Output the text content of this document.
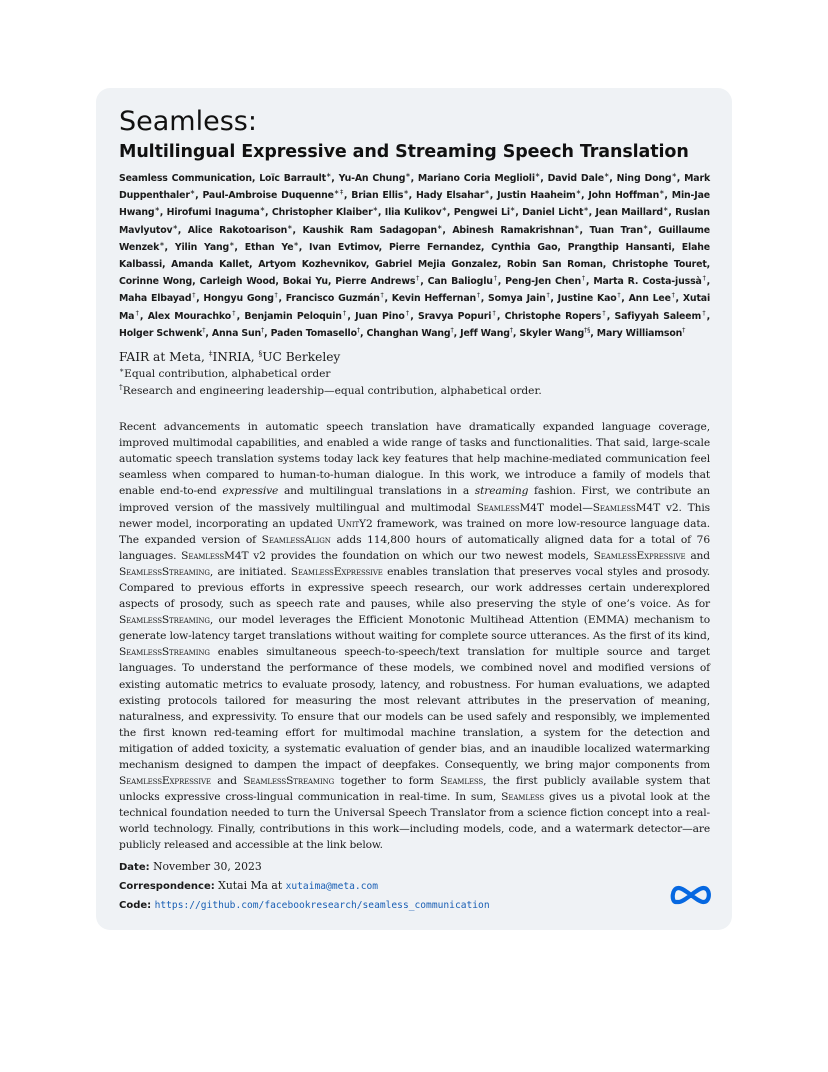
Seamless:
Multilingual Expressive and Streaming Speech Translation

Seamless Communication, Loïc Barrault∗, Yu-An Chung∗, Mariano Coria Meglioli∗, David Dale∗, Ning Dong∗, Mark Duppenthaler∗, Paul-Ambroise Duquenne∗‡, Brian Ellis∗, Hady Elsahar∗, Justin Haaheim∗, John Hoffman∗, Min-Jae Hwang∗, Hirofumi Inaguma∗, Christopher Klaiber∗, Ilia Kulikov∗, Pengwei Li∗, Daniel Licht∗, Jean Maillard∗, Ruslan Mavlyutov∗, Alice Rakotoarison∗, Kaushik Ram Sadagopan∗, Abinesh Ramakrishnan∗, Tuan Tran∗, Guillaume Wenzek∗, Yilin Yang∗, Ethan Ye∗, Ivan Evtimov, Pierre Fernandez, Cynthia Gao, Prangthip Hansanti, Elahe Kalbassi, Amanda Kallet, Artyom Kozhevnikov, Gabriel Mejia Gonzalez, Robin San Roman, Christophe Touret, Corinne Wong, Carleigh Wood, Bokai Yu, Pierre Andrews†, Can Balioglu†, Peng-Jen Chen†, Marta R. Costa-jussà†, Maha Elbayad†, Hongyu Gong†, Francisco Guzmán†, Kevin Heffernan†, Somya Jain†, Justine Kao†, Ann Lee†, Xutai Ma†, Alex Mourachko†, Benjamin Peloquin†, Juan Pino†, Sravya Popuri†, Christophe Ropers†, Safiyyah Saleem†, Holger Schwenk†, Anna Sun†, Paden Tomasello†, Changhan Wang†, Jeff Wang†, Skyler Wang†§, Mary Williamson†

FAIR at Meta, ‡INRIA, §UC Berkeley
∗Equal contribution, alphabetical order
†Research and engineering leadership—equal contribution, alphabetical order.

Recent advancements in automatic speech translation have dramatically expanded language coverage, improved multimodal capabilities, and enabled a wide range of tasks and functionalities. That said, large-scale automatic speech translation systems today lack key features that help machine-mediated communication feel seamless when compared to human-to-human dialogue. In this work, we introduce a family of models that enable end-to-end expressive and multilingual translations in a streaming fashion. First, we contribute an improved version of the massively multilingual and multimodal SeamlessM4T model—SeamlessM4T v2. This newer model, incorporating an updated UnitY2 framework, was trained on more low-resource language data. The expanded version of SeamlessAlign adds 114,800 hours of automatically aligned data for a total of 76 languages. SeamlessM4T v2 provides the foundation on which our two newest models, SeamlessExpressive and SeamlessStreaming, are initiated. SeamlessExpressive enables translation that preserves vocal styles and prosody. Compared to previous efforts in expressive speech research, our work addresses certain underexplored aspects of prosody, such as speech rate and pauses, while also preserving the style of one’s voice. As for SeamlessStreaming, our model leverages the Efficient Monotonic Multihead Attention (EMMA) mechanism to generate low-latency target translations without waiting for complete source utterances. As the first of its kind, SeamlessStreaming enables simultaneous speech-to-speech/text translation for multiple source and target languages. To understand the performance of these models, we combined novel and modified versions of existing automatic metrics to evaluate prosody, latency, and robustness. For human evaluations, we adapted existing protocols tailored for measuring the most relevant attributes in the preservation of meaning, naturalness, and expressivity. To ensure that our models can be used safely and responsibly, we implemented the first known red-teaming effort for multimodal machine translation, a system for the detection and mitigation of added toxicity, a systematic evaluation of gender bias, and an inaudible localized watermarking mechanism designed to dampen the impact of deepfakes. Consequently, we bring major components from SeamlessExpressive and SeamlessStreaming together to form Seamless, the first publicly available system that unlocks expressive cross-lingual communication in real-time. In sum, Seamless gives us a pivotal look at the technical foundation needed to turn the Universal Speech Translator from a science fiction concept into a real-world technology. Finally, contributions in this work—including models, code, and a watermark detector—are publicly released and accessible at the link below.

Date: November 30, 2023
Correspondence: Xutai Ma at xutaima@meta.com
Code: https://github.com/facebookresearch/seamless_communication
